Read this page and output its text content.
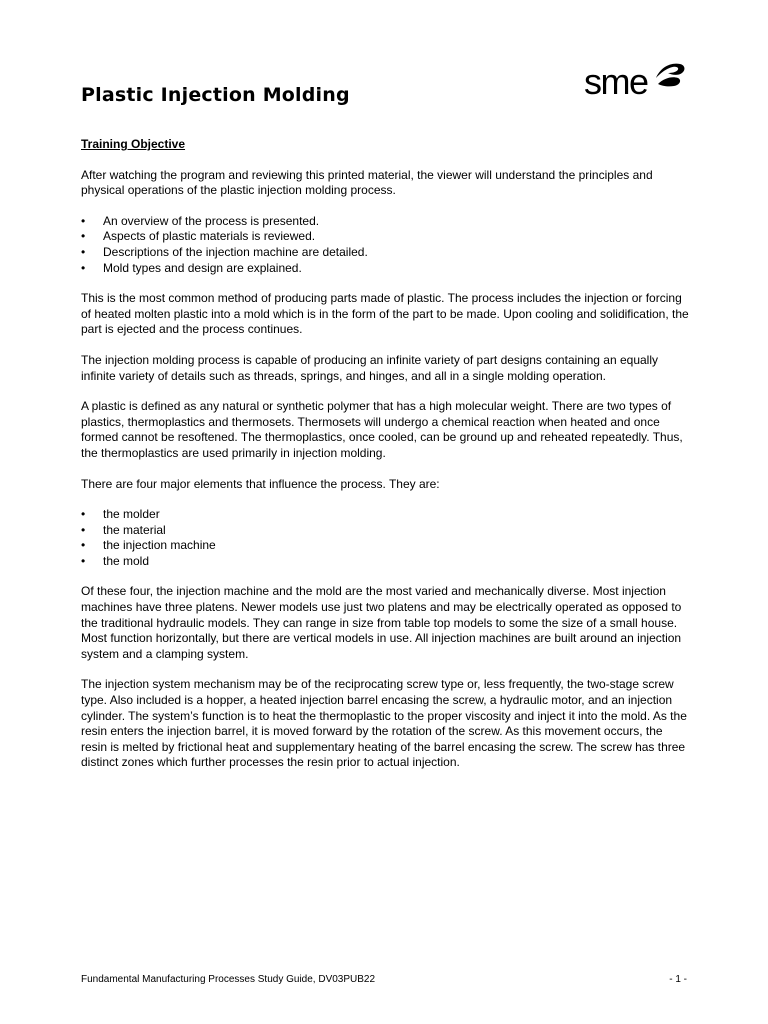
Plastic Injection Molding	sme

Training Objective

After watching the program and reviewing this printed material, the viewer will understand the principles and physical operations of the plastic injection molding process.

• An overview of the process is presented.
• Aspects of plastic materials is reviewed.
• Descriptions of the injection machine are detailed.
• Mold types and design are explained.

This is the most common method of producing parts made of plastic. The process includes the injection or forcing of heated molten plastic into a mold which is in the form of the part to be made. Upon cooling and solidification, the part is ejected and the process continues.

The injection molding process is capable of producing an infinite variety of part designs containing an equally infinite variety of details such as threads, springs, and hinges, and all in a single molding operation.

A plastic is defined as any natural or synthetic polymer that has a high molecular weight. There are two types of plastics, thermoplastics and thermosets. Thermosets will undergo a chemical reaction when heated and once formed cannot be resoftened. The thermoplastics, once cooled, can be ground up and reheated repeatedly. Thus, the thermoplastics are used primarily in injection molding.

There are four major elements that influence the process. They are:

• the molder
• the material
• the injection machine
• the mold

Of these four, the injection machine and the mold are the most varied and mechanically diverse. Most injection machines have three platens. Newer models use just two platens and may be electrically operated as opposed to the traditional hydraulic models. They can range in size from table top models to some the size of a small house. Most function horizontally, but there are vertical models in use. All injection machines are built around an injection system and a clamping system.

The injection system mechanism may be of the reciprocating screw type or, less frequently, the two-stage screw type. Also included is a hopper, a heated injection barrel encasing the screw, a hydraulic motor, and an injection cylinder. The system’s function is to heat the thermoplastic to the proper viscosity and inject it into the mold. As the resin enters the injection barrel, it is moved forward by the rotation of the screw. As this movement occurs, the resin is melted by frictional heat and supplementary heating of the barrel encasing the screw. The screw has three distinct zones which further processes the resin prior to actual injection.

Fundamental Manufacturing Processes Study Guide, DV03PUB22	- 1 -
